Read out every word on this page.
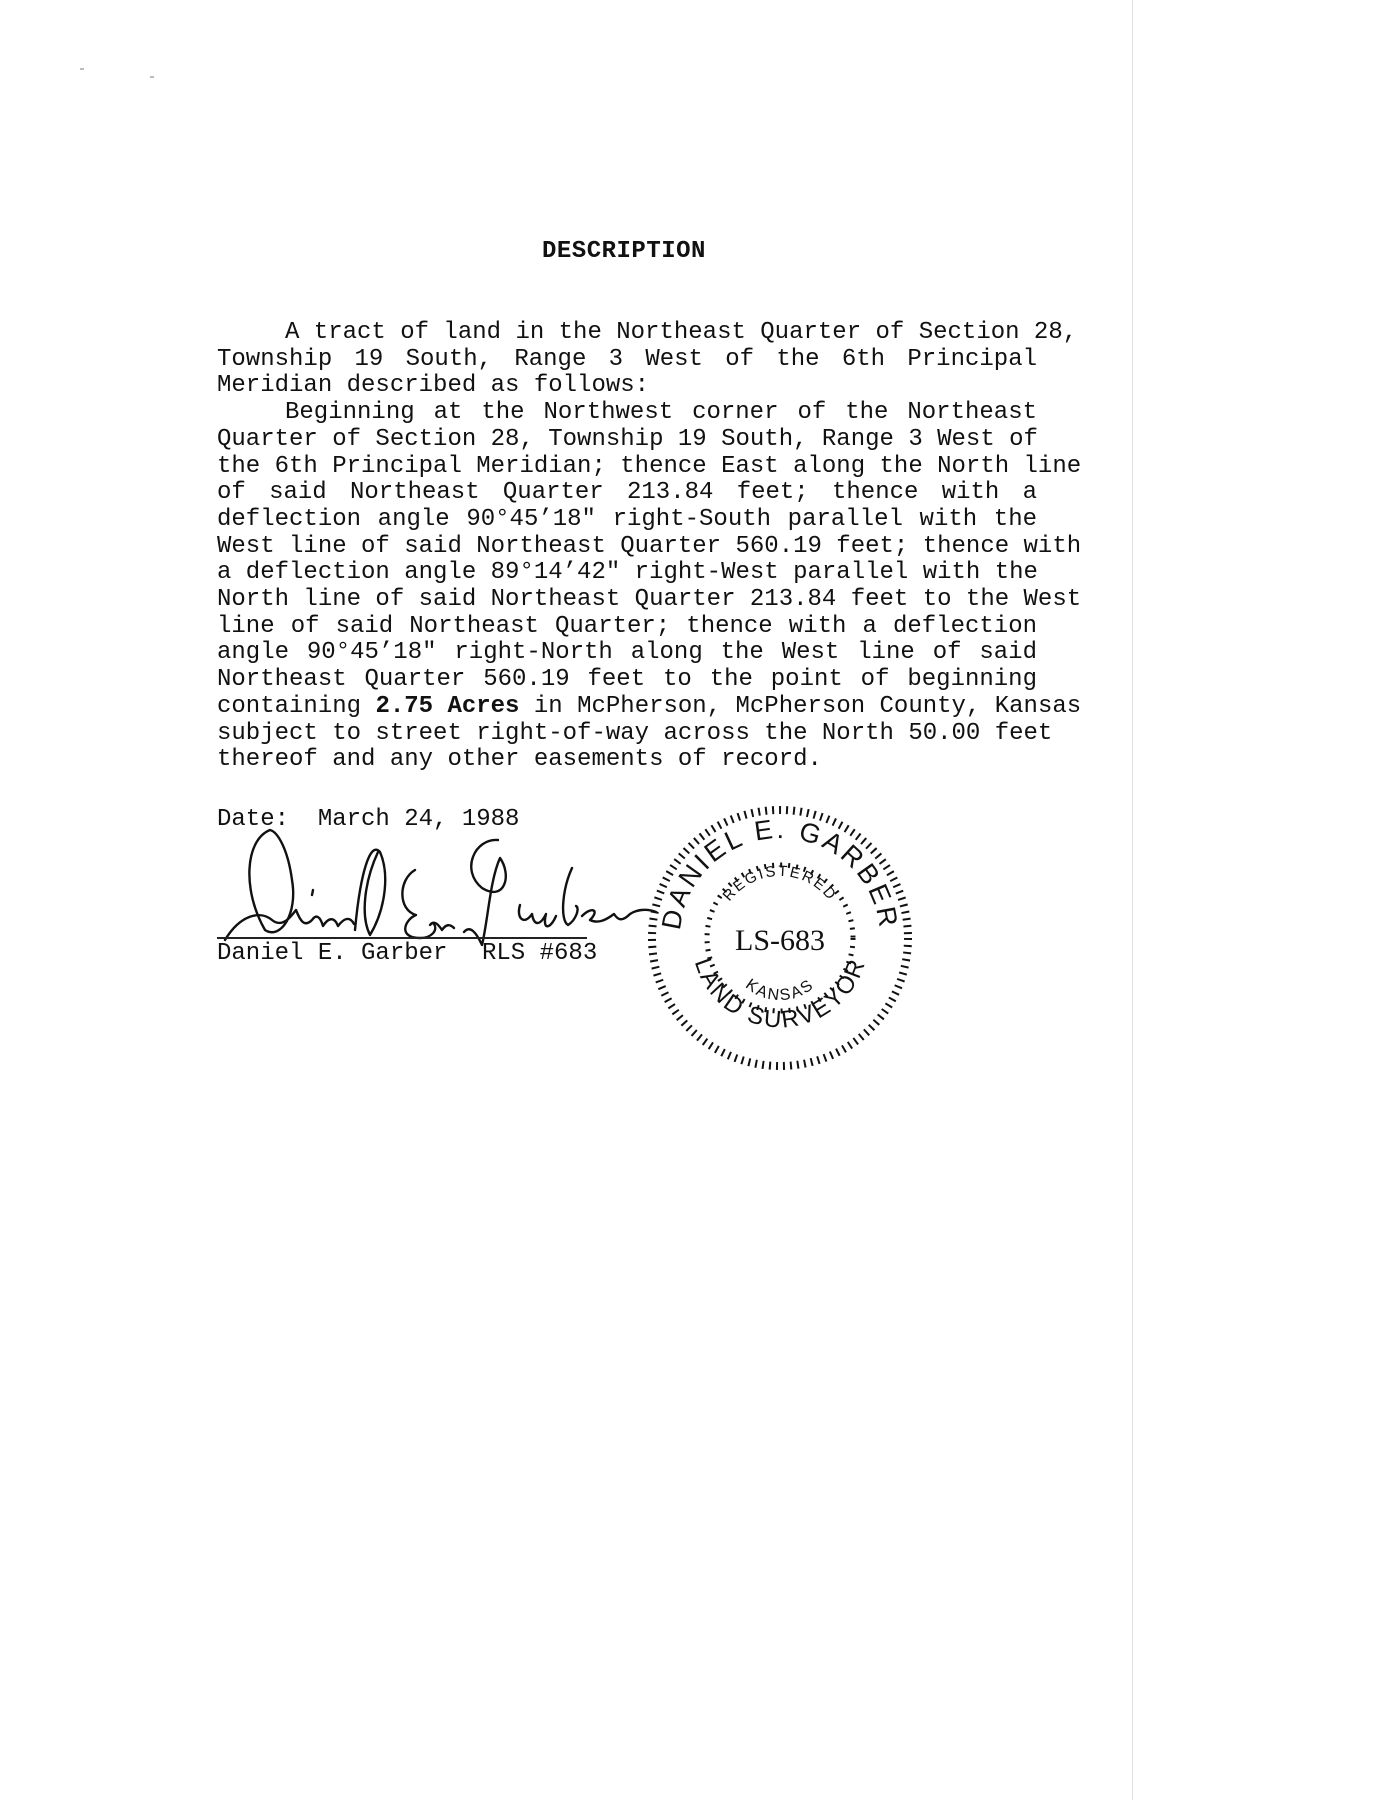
DESCRIPTION
A tract of land in the Northeast Quarter of Section 28,
Township 19 South, Range 3 West of the 6th Principal
Meridian described as follows:
Beginning at the Northwest corner of the Northeast
Quarter of Section 28, Township 19 South, Range 3 West of
the 6th Principal Meridian; thence East along the North line
of said Northeast Quarter 213.84 feet; thence with a
deflection angle 90°45’18" right-South parallel with the
West line of said Northeast Quarter 560.19 feet; thence with
a deflection angle 89°14’42" right-West parallel with the
North line of said Northeast Quarter 213.84 feet to the West
line of said Northeast Quarter; thence with a deflection
angle 90°45’18" right-North along the West line of said
Northeast Quarter 560.19 feet to the point of beginning
containing 2.75 Acres in McPherson, McPherson County, Kansas
subject to street right-of-way across the North 50.00 feet
thereof and any other easements of record.
Date:  March 24, 1988
Daniel E. Garber RLS #683
DANIEL E. GARBER
REGISTERED
LS-683
KANSAS
LAND SURVEYOR
